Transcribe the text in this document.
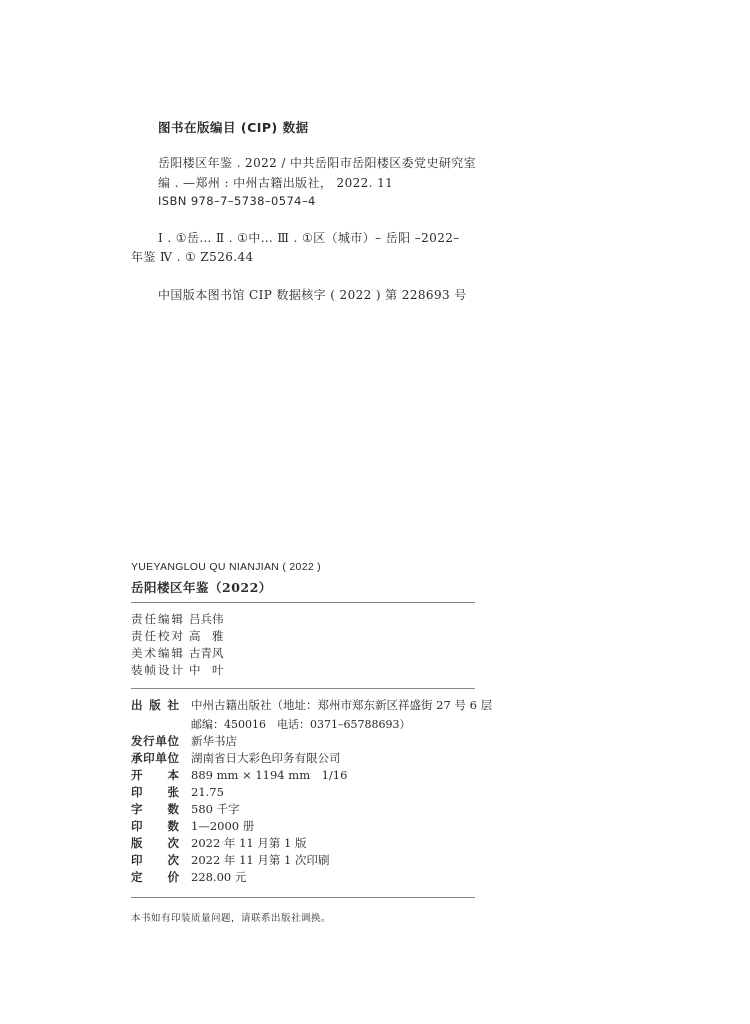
图书在版编目 (CIP) 数据
岳阳楼区年鉴 . 2022 / 中共岳阳市岳阳楼区委党史研究室
编 . —郑州 : 中州古籍出版社， 2022. 11
ISBN 978–7–5738–0574–4
Ⅰ . ①岳… Ⅱ . ①中… Ⅲ . ①区（城市）– 岳阳 –2022–
年鉴 Ⅳ . ① Z526.44
中国版本图书馆 CIP 数据核字 ( 2022 ) 第 228693 号
YUEYANGLOU QU NIANJIAN ( 2022 )
岳阳楼区年鉴（2022）
责任编辑 吕兵伟
责任校对 高　雅
美术编辑 古青风
装帧设计 中　叶
出 版 社 中州古籍出版社（地址：郑州市郑东新区祥盛街 27 号 6 层
邮编：450016　电话：0371–65788693）
发行单位 新华书店
承印单位 湖南省日大彩色印务有限公司
开本 889 mm × 1194 mm　1/16
印张 21.75
字数 580 千字
印数 1—2000 册
版次 2022 年 11 月第 1 版
印次 2022 年 11 月第 1 次印刷
定价 228.00 元
本书如有印装质量问题，请联系出版社调换。
